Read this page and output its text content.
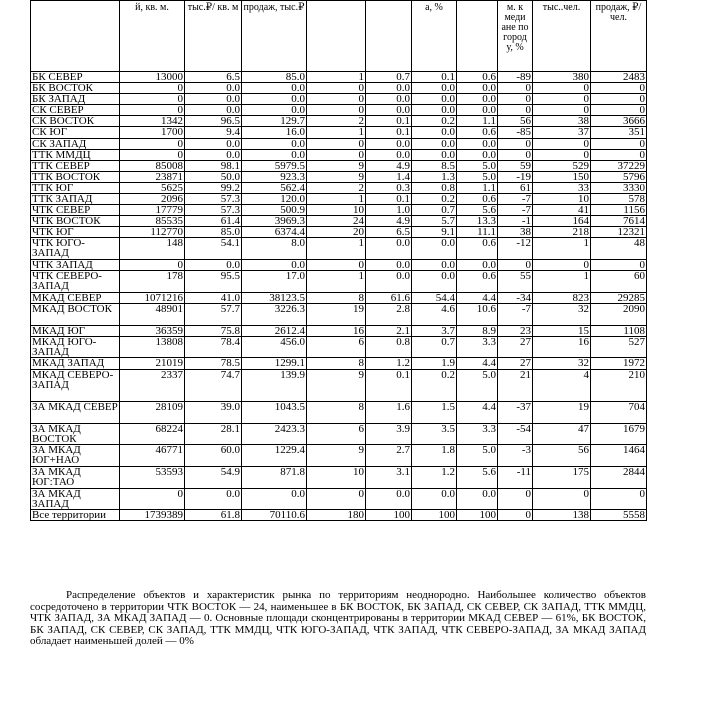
	й, кв. м.	тыс.₽/ кв. м	продаж, тыс.₽			а, %		м. к меди ане по город у, %	тыс..чел.	продаж, ₽/чел.
БК СЕВЕР	13000	6.5	85.0	1	0.7	0.1	0.6	-89	380	2483
БК ВОСТОК	0	0.0	0.0	0	0.0	0.0	0.0	0	0	0
БК ЗАПАД	0	0.0	0.0	0	0.0	0.0	0.0	0	0	0
СК СЕВЕР	0	0.0	0.0	0	0.0	0.0	0.0	0	0	0
СК ВОСТОК	1342	96.5	129.7	2	0.1	0.2	1.1	56	38	3666
СК ЮГ	1700	9.4	16.0	1	0.1	0.0	0.6	-85	37	351
СК ЗАПАД	0	0.0	0.0	0	0.0	0.0	0.0	0	0	0
ТТК ММДЦ	0	0.0	0.0	0	0.0	0.0	0.0	0	0	0
ТТК СЕВЕР	85008	98.1	5979.5	9	4.9	8.5	5.0	59	529	37229
ТТК ВОСТОК	23871	50.0	923.3	9	1.4	1.3	5.0	-19	150	5796
ТТК ЮГ	5625	99.2	562.4	2	0.3	0.8	1.1	61	33	3330
ТТК ЗАПАД	2096	57.3	120.0	1	0.1	0.2	0.6	-7	10	578
ЧТК СЕВЕР	17779	57.3	500.9	10	1.0	0.7	5.6	-7	41	1156
ЧТК ВОСТОК	85535	61.4	3969.3	24	4.9	5.7	13.3	-1	164	7614
ЧТК ЮГ	112770	85.0	6374.4	20	6.5	9.1	11.1	38	218	12321
ЧТК ЮГО-ЗАПАД	148	54.1	8.0	1	0.0	0.0	0.6	-12	1	48
ЧТК ЗАПАД	0	0.0	0.0	0	0.0	0.0	0.0	0	0	0
ЧТК СЕВЕРО-ЗАПАД	178	95.5	17.0	1	0.0	0.0	0.6	55	1	60
МКАД СЕВЕР	1071216	41.0	38123.5	8	61.6	54.4	4.4	-34	823	29285
МКАД ВОСТОК	48901	57.7	3226.3	19	2.8	4.6	10.6	-7	32	2090
МКАД ЮГ	36359	75.8	2612.4	16	2.1	3.7	8.9	23	15	1108
МКАД ЮГО-ЗАПАД	13808	78.4	456.0	6	0.8	0.7	3.3	27	16	527
МКАД ЗАПАД	21019	78.5	1299.1	8	1.2	1.9	4.4	27	32	1972
МКАД СЕВЕРО-ЗАПАД	2337	74.7	139.9	9	0.1	0.2	5.0	21	4	210
ЗА МКАД СЕВЕР	28109	39.0	1043.5	8	1.6	1.5	4.4	-37	19	704
ЗА МКАД ВОСТОК	68224	28.1	2423.3	6	3.9	3.5	3.3	-54	47	1679
ЗА МКАД ЮГ+НАО	46771	60.0	1229.4	9	2.7	1.8	5.0	-3	56	1464
ЗА МКАД ЮГ:ТАО	53593	54.9	871.8	10	3.1	1.2	5.6	-11	175	2844
ЗА МКАД ЗАПАД	0	0.0	0.0	0	0.0	0.0	0.0	0	0	0
Все территории	1739389	61.8	70110.6	180	100	100	100	0	138	5558

Распределение объектов и характеристик рынка по территориям неоднородно. Наибольшее количество объектов сосредоточено в территории ЧТК ВОСТОК — 24, наименьшее в БК ВОСТОК, БК ЗАПАД, СК СЕВЕР, СК ЗАПАД, ТТК ММДЦ, ЧТК ЗАПАД, ЗА МКАД ЗАПАД — 0. Основные площади сконцентрированы в территории МКАД СЕВЕР — 61%, БК ВОСТОК, БК ЗАПАД, СК СЕВЕР, СК ЗАПАД, ТТК ММДЦ, ЧТК ЮГО-ЗАПАД, ЧТК ЗАПАД, ЧТК СЕВЕРО-ЗАПАД, ЗА МКАД ЗАПАД обладает наименьшей долей — 0%
